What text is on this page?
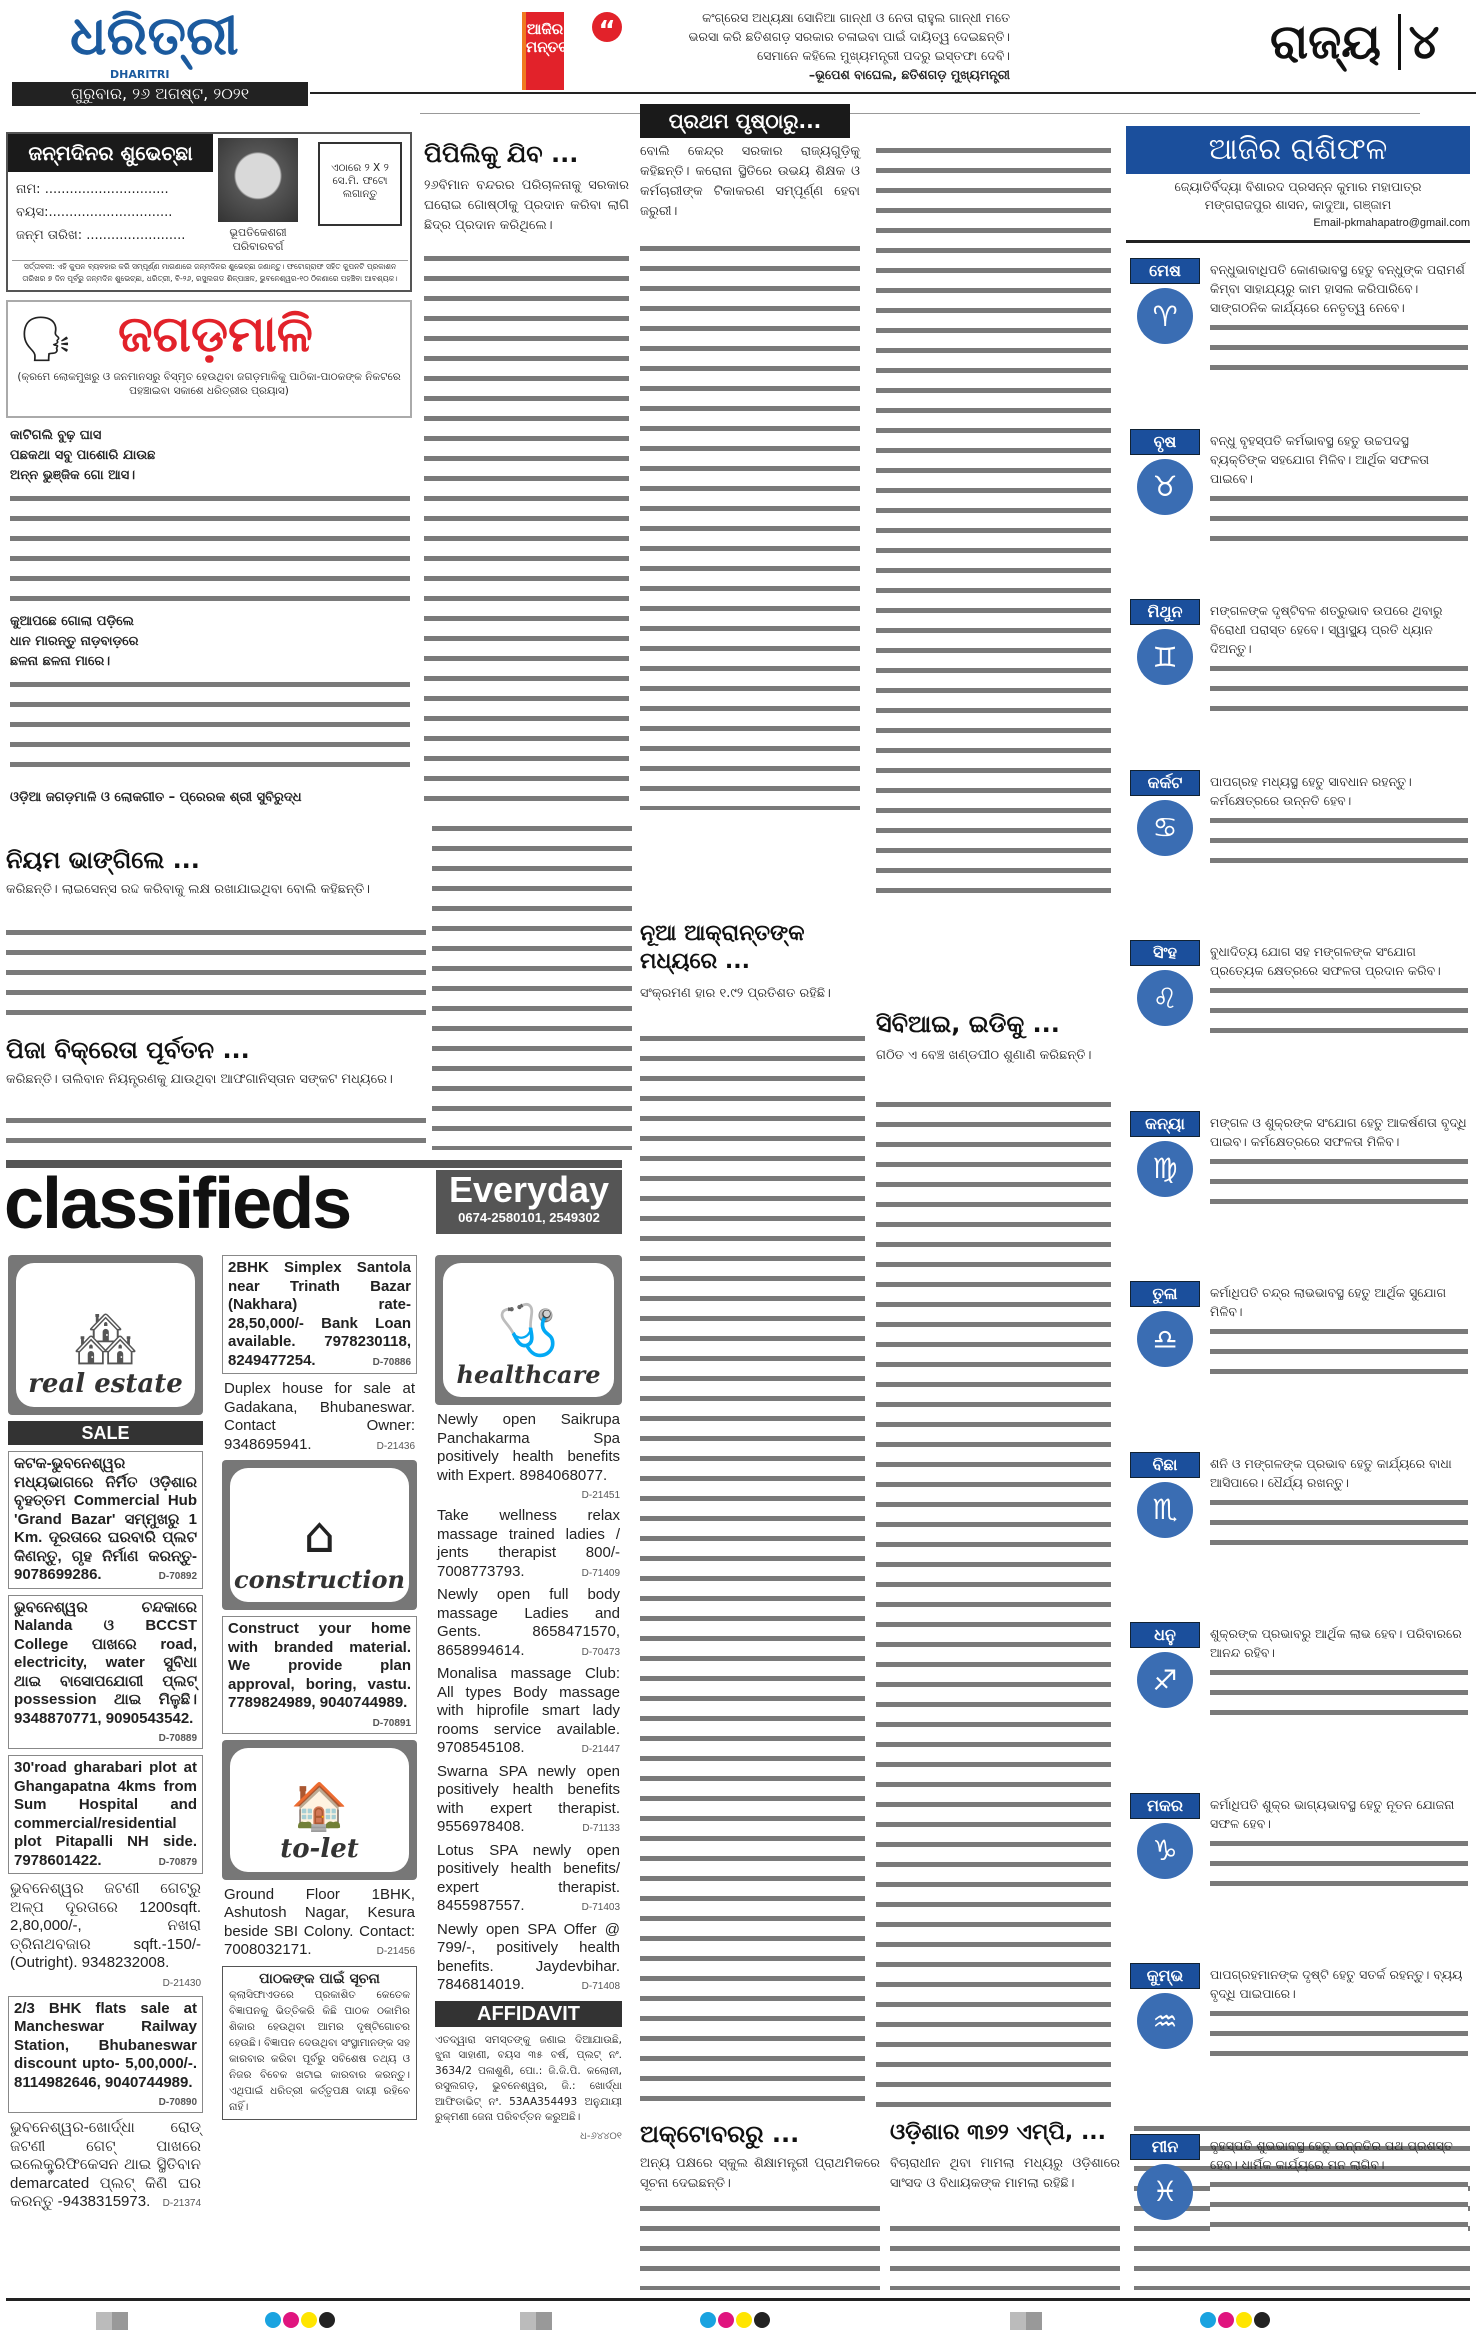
ଧରିତ୍ରୀ
DHARITRI
ଗୁରୁବାର, ୨୬ ଅଗଷ୍ଟ, ୨୦୨୧
ଆଜିର
ମନ୍ତବ୍ୟ
“	କଂଗ୍ରେସ ଅଧ୍ୟକ୍ଷା ସୋନିଆ ଗାନ୍ଧୀ ଓ ନେତା ରାହୁଲ ଗାନ୍ଧୀ ମତେ
ଭରସା କରି ଛତିଶଗଡ଼ ସରକାର ଚଳାଇବା ପାଇଁ ଦାୟିତ୍ୱ ଦେଇଛନ୍ତି।
ସେମାନେ କହିଲେ ମୁଖ୍ୟମନ୍ତ୍ରୀ ପଦରୁ ଇସ୍ତଫା ଦେବି।
–ଭୂପେଶ ବାଘେଲ, ଛତିଶଗଡ଼ ମୁଖ୍ୟମନ୍ତ୍ରୀ
ରାଜ୍ୟ ୪
ଜନ୍ମଦିନର ଶୁଭେଚ୍ଛା
ନାମ: ..............................
ବୟସ:..............................
ଜନ୍ମ ତାରିଖ: ........................	ଭୂପତିକେଶରୀ
ପରିବାରବର୍ଗ
ଏଠାରେ ୨ X ୨ ସେ.ମି. ଫଟୋ ଲଗାନ୍ତୁ
ସର୍ତ୍ତାବଳୀ: ଏହି କୁପନ ବ୍ୟବହାର କରି ସମ୍ପୂର୍ଣ୍ଣ ମାଗଣାରେ ଜନ୍ମଦିନର ଶୁଭେଚ୍ଛା ଜଣାନ୍ତୁ। ଫଟୋଗ୍ରାଫ ସହିତ କୁପନଟି ପ୍ରକାଶନ ତାରିଖର ୭ ଦିନ ପୂର୍ବରୁ ଜନ୍ମଦିନ ଶୁଭେଚ୍ଛା, ଧରିତ୍ରୀ, ବି-୨୬, ରସୁଲଗଡ ଶିଳ୍ପାଞ୍ଚଳ, ଭୁବନେଶ୍ୱର-୧୦ ଠିକଣାରେ ପହଞ୍ଚିବା ଆବଶ୍ୟକ।
🗣 ଜଗଡ଼ମାଳି
(କ୍ରମେ ଲୋକମୁଖରୁ ଓ ଜନମାନସରୁ ବିସ୍ମୃତ ହେଉଥିବା ଜଗଡ଼ମାଳିକୁ ପାଠିକା-ପାଠକଙ୍କ ନିକଟରେ ପହଞ୍ଚାଇବା ସକାଶେ ଧରିତ୍ରୀର ପ୍ରୟାସ)
କାଟିଗଲି ବୁଢ଼ ଘାସ
ପଛକଥା ସବୁ ପାଶୋରି ଯାଉଛ
ଅନ୍ନ ଭୁଞ୍ଜିକ ଗୋ ଆସ।
କୁଆପଛେ ଗୋଲା ପଡ଼ିଲେ
ଧାନ ମାରନ୍ତୁ ନାଡ଼ବାଡ଼ରେ
ଛଳନା ଛଳନା ମାରେ।
ଓଡ଼ିଆ ଜଗଡ଼ମାଳି ଓ ଲୋକଗୀତ – ପ୍ରେରକ ଶ୍ରୀ ସୁବିରୁଦ୍ଧ
ପ୍ରଥମ ପୃଷ୍ଠାରୁ...
ପିପିଲିକୁ ଯିବ ...
୨୬ବିମାନ ବନ୍ଦରର ପରିଚାଳନାକୁ ସରକାର ଘରୋଇ ଗୋଷ୍ଠୀକୁ ପ୍ରଦାନ କରିବା ଲାଗି ଛିଦ୍ର ପ୍ରଦାନ କରିଥିଲେ।
ବୋଲି କେନ୍ଦ୍ର ସରକାର ରାଜ୍ୟଗୁଡ଼ିକୁ କହିଛନ୍ତି। କରୋନା ସ୍ଥିତିରେ ଉଭୟ ଶିକ୍ଷକ ଓ କର୍ମଚାରୀଙ୍କ ଟିକାକରଣ ସମ୍ପୂର୍ଣ୍ଣ ହେବା ଜରୁରୀ।
ନିୟମ ଭାଙ୍ଗିଲେ ...
କରିଛନ୍ତି। ଲାଇସେନ୍ସ ରଦ୍ଦ କରିବାକୁ ଲକ୍ଷ ରଖାଯାଇଥିବା ବୋଲି କହିଛନ୍ତି।
ପିଜା ବିକ୍ରେତା ପୂର୍ବତନ ...
କରିଛନ୍ତି। ତାଲିବାନ ନିୟନ୍ତ୍ରଣକୁ ଯାଉଥିବା ଆଫଗାନିସ୍ତାନ ସଙ୍କଟ ମଧ୍ୟରେ।
ନୂଆ ଆକ୍ରାନ୍ତଙ୍କ ମଧ୍ୟରେ ...
ସଂକ୍ରମଣ ହାର ୧.୯୨ ପ୍ରତିଶତ ରହିଛି।
ସିବିଆଇ, ଇଡିକୁ ...
ଗଠିତ ଏ ବେଞ୍ଚ ଖଣ୍ଡପୀଠ ଶୁଣାଣି କରିଛନ୍ତି।
ଅକ୍ଟୋବରରୁ ...
ଅନ୍ୟ ପକ୍ଷରେ ସ୍କୁଲ ଶିକ୍ଷାମନ୍ତ୍ରୀ ପ୍ରାଥମିକରେ ସୂଚନା ଦେଇଛନ୍ତି।
ଓଡ଼ିଶାର ୩୭୨ ଏମ୍‌ପି, ...
ବିଚାରାଧୀନ ଥିବା ମାମଲା ମଧ୍ୟରୁ ଓଡ଼ିଶାରେ ସାଂସଦ ଓ ବିଧାୟକଙ୍କ ମାମଲା ରହିଛି।
classifieds	Everyday
0674-2580101, 2549302
🏘
real estate
SALE
କଟକ-ଭୁବନେଶ୍ୱର ମଧ୍ୟଭାଗରେ ନିର୍ମିତ ଓଡ଼ିଶାର ବୃହତ୍ତମ Commercial Hub 'Grand Bazar' ସମ୍ମୁଖରୁ 1 Km. ଦୂରତାରେ ଘରବାରି ପ୍ଲଟ କିଣନ୍ତୁ, ଗୃହ ନିର୍ମାଣ କରନ୍ତୁ- 9078699286.	D-70892
ଭୁବନେଶ୍ୱର ଚନ୍ଦକାରେ Nalanda ଓ BCCST College ପାଖରେ road, electricity, water ସୁବିଧା ଥାଇ ବାସୋପଯୋଗୀ ପ୍ଲଟ୍ possession ଥାଇ ମିଳୁଛି। 9348870771, 9090543542.
D-70889
30'road gharabari plot at Ghangapatna 4kms from Sum Hospital and commercial/residential plot Pitapalli NH side. 7978601422.	D-70879
ଭୁବନେଶ୍ୱର ଜଟଣୀ ଗେଟ୍‌ରୁ ଅଳ୍ପ ଦୂରତାରେ 1200sqft. 2,80,000/-, ନଖରା ତ୍ରିନାଥବଜାର sqft.-150/- (Outright). 9348232008.
D-21430
2/3 BHK flats sale at Mancheswar Railway Station, Bhubaneswar discount upto- 5,00,000/-. 8114982646, 9040744989.
D-70890
ଭୁବନେଶ୍ୱର-ଖୋର୍ଦ୍ଧା ରୋଡ୍ ଜଟଣୀ ଗେଟ୍ ପାଖରେ ଇଲେକ୍ଟ୍ରିଫିକେସନ ଥାଇ ସ୍ଥିତିବାନ demarcated ପ୍ଲଟ୍ କିଣି ଘର କରନ୍ତୁ -9438315973. D-21374
2BHK Simplex Santola near Trinath Bazar (Nakhara) rate- 28,50,000/- Bank Loan available. 7978230118, 8249477254.	D-70886
Duplex house for sale at Gadakana, Bhubaneswar. Contact Owner: 9348695941.	D-21436
⌂
construction
Construct your home with branded material. We provide plan approval, boring, vastu. 7789824989, 9040744989.
D-70891
🏠
to-let
Ground Floor 1BHK, Ashutosh Nagar, Kesura beside SBI Colony. Contact: 7008032171.	D-21456
ପାଠକଙ୍କ ପାଇଁ ସୂଚନା
କ୍ଲାସିଫାଏଡରେ ପ୍ରକାଶିତ କେତେକ ବିଜ୍ଞାପନକୁ ଭିତ୍ତିକରି କିଛି ପାଠକ ଠକାମିର ଶିକାର ହେଉଥିବା ଆମର ଦୃଷ୍ଟିଗୋଚର ହେଉଛି। ବିଜ୍ଞାପନ ଦେଉଥିବା ସଂସ୍ଥାମାନଙ୍କ ସହ କାରବାର କରିବା ପୂର୍ବରୁ ସବିଶେଷ ତଥ୍ୟ ଓ ନିଜର ବିବେକ ଖଟାଇ କାରବାର କରନ୍ତୁ। ଏଥିପାଇଁ ଧରିତ୍ରୀ କର୍ତ୍ତୃପକ୍ଷ ଦାୟୀ ରହିବେ ନାହିଁ।
🩺
healthcare
Newly open Saikrupa Panchakarma Spa positively health benefits with Expert. 8984068077.
D-21451
Take wellness relax massage trained ladies / jents therapist 800/- 7008773793.	D-71409
Newly open full body massage Ladies and Gents. 8658471570, 8658994614.	D-70473
Monalisa massage Club: All types Body massage with hiprofile smart lady rooms service available. 9708545108.	D-21447
Swarna SPA newly open positively health benefits with expert therapist. 9556978408.	D-71133
Lotus SPA newly open positively health benefits/ expert therapist. 8455987557.	D-71403
Newly open SPA Offer @ 799/-, positively health benefits. Jaydevbihar. 7846814019.	D-71408
AFFIDAVIT
ଏତଦ୍ୱାରା ସମସ୍ତଙ୍କୁ ଜଣାଇ ଦିଆଯାଉଛି, ଝୁନା ସାହାଣୀ, ବୟସ ୩୫ ବର୍ଷ, ପ୍ଲଟ୍ ନଂ. 3634/2 ପଳାଶୁଣି, ପୋ.: ଜି.ଜି.ପି. କଲୋନୀ, ରସୁଲଗଡ଼, ଭୁବନେଶ୍ୱର, ଜି.: ଖୋର୍ଦ୍ଧା ଆଫିଡାଭିଟ୍ ନଂ. 53AA354493 ଅନୁଯାୟୀ ରୁକ୍ମଣୀ ଜେନା ପରିବର୍ତ୍ତନ କରୁଅଛି।
ଧ-୬୪୪୦୧
ଆଜିର ରାଶିଫଳ
ଜ୍ୟୋତିର୍ବିଦ୍ୟା ବିଶାରଦ ପ୍ରସନ୍ନ କୁମାର ମହାପାତ୍ର
ମଙ୍ଗରାଜପୁର ଶାସନ, କାଦୁଆ, ଗଞ୍ଜାମ
Email-pkmahapatro@gmail.com
ମେଷ
♈
ବନ୍ଧୁଭାବାଧିପତି କୋଣଭାବସ୍ଥ ହେତୁ ବନ୍ଧୁଙ୍କ ପରାମର୍ଶ କିମ୍ବା ସାହାଯ୍ୟରୁ କାମ ହାସଲ କରିପାରିବେ। ସାଙ୍ଗଠନିକ କାର୍ଯ୍ୟରେ ନେତୃତ୍ୱ ନେବେ।
ବୃଷ
♉
ବନ୍ଧୁ ବୃହସ୍ପତି କର୍ମଭାବସ୍ଥ ହେତୁ ଉଚ୍ଚପଦସ୍ଥ ବ୍ୟକ୍ତିଙ୍କ ସହଯୋଗ ମିଳିବ। ଆର୍ଥିକ ସଫଳତା ପାଇବେ।
ମିଥୁନ
♊
ମଙ୍ଗଳଙ୍କ ଦୃଷ୍ଟିବଳ ଶତ୍ରୁଭାବ ଉପରେ ଥିବାରୁ ବିରୋଧୀ ପରାସ୍ତ ହେବେ। ସ୍ୱାସ୍ଥ୍ୟ ପ୍ରତି ଧ୍ୟାନ ଦିଅନ୍ତୁ।
କର୍କଟ
♋
ପାପଗ୍ରହ ମଧ୍ୟସ୍ଥ ହେତୁ ସାବଧାନ ରହନ୍ତୁ। କର୍ମକ୍ଷେତ୍ରରେ ଉନ୍ନତି ହେବ।
ସିଂହ
♌
ବୁଧାଦିତ୍ୟ ଯୋଗ ସହ ମଙ୍ଗଳଙ୍କ ସଂଯୋଗ ପ୍ରତ୍ୟେକ କ୍ଷେତ୍ରରେ ସଫଳତା ପ୍ରଦାନ କରିବ।
କନ୍ୟା
♍
ମଙ୍ଗଳ ଓ ଶୁକ୍ରଙ୍କ ସଂଯୋଗ ହେତୁ ଆକର୍ଷଣତା ବୃଦ୍ଧି ପାଇବ। କର୍ମକ୍ଷେତ୍ରରେ ସଫଳତା ମିଳିବ।
ତୁଳା
♎
କର୍ମାଧିପତି ଚନ୍ଦ୍ର ଲାଭଭାବସ୍ଥ ହେତୁ ଆର୍ଥିକ ସୁଯୋଗ ମିଳିବ।
ବିଛା
♏
ଶନି ଓ ମଙ୍ଗଳଙ୍କ ପ୍ରଭାବ ହେତୁ କାର୍ଯ୍ୟରେ ବାଧା ଆସିପାରେ। ଧୈର୍ଯ୍ୟ ରଖନ୍ତୁ।
ଧନୁ
♐
ଶୁକ୍ରଙ୍କ ପ୍ରଭାବରୁ ଆର୍ଥିକ ଲାଭ ହେବ। ପରିବାରରେ ଆନନ୍ଦ ରହିବ।
ମକର
♑
କର୍ମାଧିପତି ଶୁକ୍ର ଭାଗ୍ୟଭାବସ୍ଥ ହେତୁ ନୂତନ ଯୋଜନା ସଫଳ ହେବ।
କୁମ୍ଭ
♒
ପାପଗ୍ରହମାନଙ୍କ ଦୃଷ୍ଟି ହେତୁ ସତର୍କ ରହନ୍ତୁ। ବ୍ୟୟ ବୃଦ୍ଧି ପାଇପାରେ।
ମୀନ
♓
ବୃହସ୍ପତି ଶୁଭଭାବସ୍ଥ ହେତୁ ଉନ୍ନତିର ପଥ ପ୍ରଶସ୍ତ ହେବ। ଧାର୍ମିକ କାର୍ଯ୍ୟରେ ମନ ଲାଗିବ।
